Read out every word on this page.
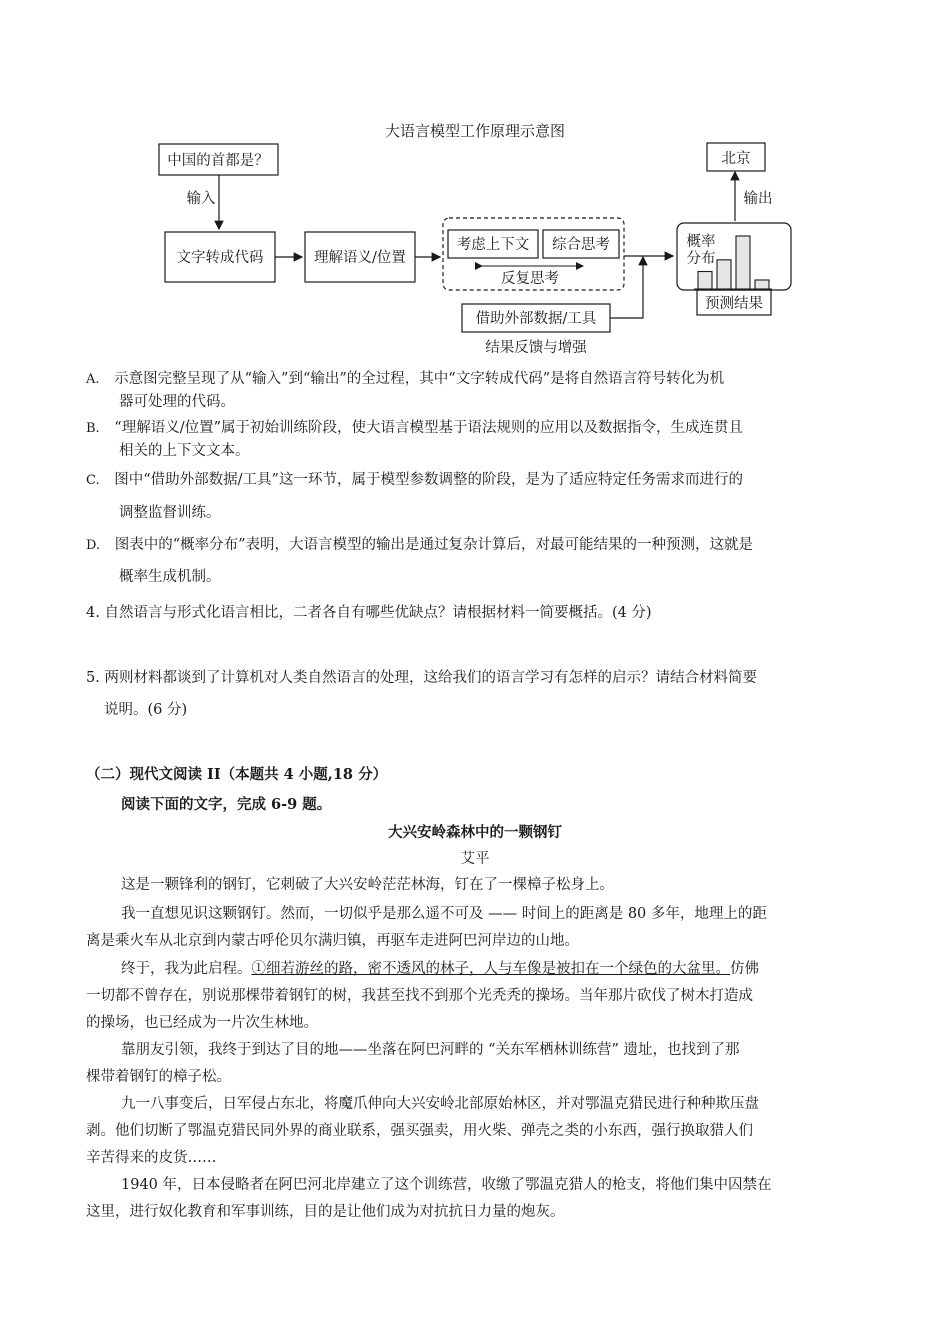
大语言模型工作原理示意图
中国的首都是？
输入
文字转成代码	理解语义/位置
考虑上下文 综合思考
反复思考
借助外部数据/工具
结果反馈与增强
概率
分布
预测结果
输出
北京
A. 示意图完整呈现了从“输入”到“输出”的全过程，其中“文字转成代码”是将自然语言符号转化为机
器可处理的代码。
B. “理解语义/位置”属于初始训练阶段，使大语言模型基于语法规则的应用以及数据指令，生成连贯且
相关的上下文文本。
C. 图中“借助外部数据/工具”这一环节，属于模型参数调整的阶段，是为了适应特定任务需求而进行的
调整监督训练。
D. 图表中的“概率分布”表明，大语言模型的输出是通过复杂计算后，对最可能结果的一种预测，这就是
概率生成机制。
4. 自然语言与形式化语言相比，二者各自有哪些优缺点？请根据材料一简要概括。(4 分)
5. 两则材料都谈到了计算机对人类自然语言的处理，这给我们的语言学习有怎样的启示？请结合材料简要
说明。(6 分)
（二）现代文阅读 II（本题共 4 小题,18 分）
阅读下面的文字，完成 6-9 题。
大兴安岭森林中的一颗钢钉
艾平
这是一颗锋利的钢钉，它刺破了大兴安岭茫茫林海，钉在了一棵樟子松身上。
我一直想见识这颗钢钉。然而，一切似乎是那么遥不可及 —— 时间上的距离是 80 多年，地理上的距
离是乘火车从北京到内蒙古呼伦贝尔满归镇，再驱车走进阿巴河岸边的山地。
终于，我为此启程。①细若游丝的路，密不透风的林子，人与车像是被扣在一个绿色的大盆里。仿佛
一切都不曾存在，别说那棵带着钢钉的树，我甚至找不到那个光秃秃的操场。当年那片砍伐了树木打造成
的操场，也已经成为一片次生林地。
靠朋友引领，我终于到达了目的地——坐落在阿巴河畔的 “关东军栖林训练营” 遗址，也找到了那
棵带着钢钉的樟子松。
九一八事变后，日军侵占东北，将魔爪伸向大兴安岭北部原始林区，并对鄂温克猎民进行种种欺压盘
剥。他们切断了鄂温克猎民同外界的商业联系，强买强卖，用火柴、弹壳之类的小东西，强行换取猎人们
辛苦得来的皮货……
1940 年，日本侵略者在阿巴河北岸建立了这个训练营，收缴了鄂温克猎人的枪支，将他们集中囚禁在
这里，进行奴化教育和军事训练，目的是让他们成为对抗抗日力量的炮灰。
